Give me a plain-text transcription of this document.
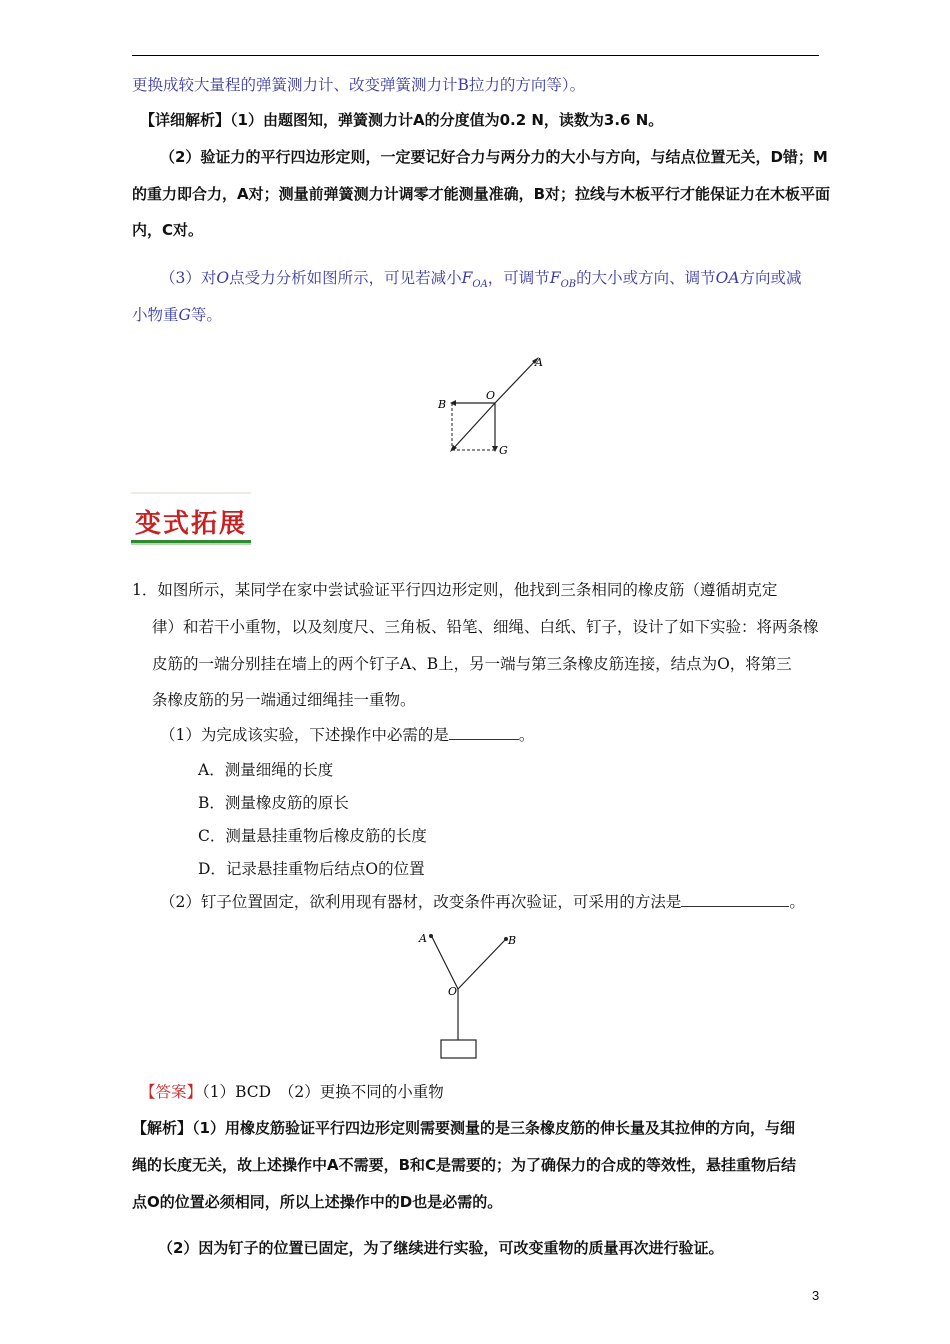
更换成较大量程的弹簧测力计、改变弹簧测力计B拉力的方向等）。
【详细解析】（1）由题图知，弹簧测力计A的分度值为0.2 N，读数为3.6 N。
（2）验证力的平行四边形定则，一定要记好合力与两分力的大小与方向，与结点位置无关，D错；M
的重力即合力，A对；测量前弹簧测力计调零才能测量准确，B对；拉线与木板平行才能保证力在木板平面
内，C对。
（3）对O点受力分析如图所示，可见若减小$F_{OA}$，可调节$F_{OB}$的大小或方向、调节OA方向或减
小物重G等。
A
B
O
G
变式拓展
1．如图所示，某同学在家中尝试验证平行四边形定则，他找到三条相同的橡皮筋（遵循胡克定
律）和若干小重物，以及刻度尺、三角板、铅笔、细绳、白纸、钉子，设计了如下实验：将两条橡
皮筋的一端分别挂在墙上的两个钉子A、B上，另一端与第三条橡皮筋连接，结点为O，将第三
条橡皮筋的另一端通过细绳挂一重物。
（1）为完成该实验，下述操作中必需的是	。
A．测量细绳的长度
B．测量橡皮筋的原长
C．测量悬挂重物后橡皮筋的长度
D．记录悬挂重物后结点O的位置
（2）钉子位置固定，欲利用现有器材，改变条件再次验证，可采用的方法是	。
A	B
O
【答案】（1）BCD　（2）更换不同的小重物
【解析】（1）用橡皮筋验证平行四边形定则需要测量的是三条橡皮筋的伸长量及其拉伸的方向，与细
绳的长度无关，故上述操作中A不需要，B和C是需要的；为了确保力的合成的等效性，悬挂重物后结
点O的位置必须相同，所以上述操作中的D也是必需的。
（2）因为钉子的位置已固定，为了继续进行实验，可改变重物的质量再次进行验证。
3
